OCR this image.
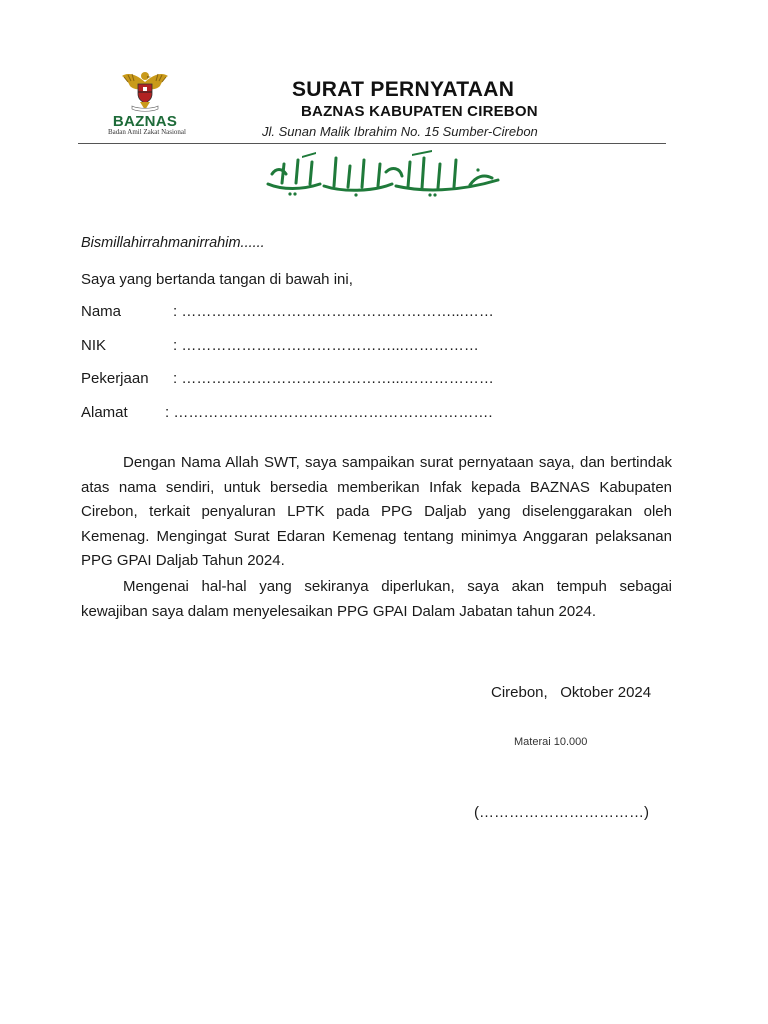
BAZNAS
Badan Amil Zakat Nasional
SURAT PERNYATAAN
BAZNAS KABUPATEN CIREBON
Jl. Sunan Malik Ibrahim No. 15 Sumber-Cirebon
Bismillahirrahmanirrahim......
Saya yang bertanda tangan di bawah ini,
Nama	: ………………………………………………...……
NIK	: ……………………………………...……………
Pekerjaan : ……………………………………...………………
Alamat : ……………………………………………………….
Dengan Nama Allah SWT, saya sampaikan surat pernyataan saya, dan bertindak atas nama sendiri, untuk bersedia memberikan Infak kepada BAZNAS Kabupaten Cirebon, terkait penyaluran LPTK pada PPG Daljab yang diselenggarakan oleh Kemenag. Mengingat Surat Edaran Kemenag tentang minimya Anggaran pelaksanan PPG GPAI Daljab Tahun 2024.
Mengenai hal-hal yang sekiranya diperlukan, saya akan tempuh sebagai kewajiban saya dalam menyelesaikan PPG GPAI Dalam Jabatan tahun 2024.
Cirebon,   Oktober 2024
Materai 10.000
(……………………………)
